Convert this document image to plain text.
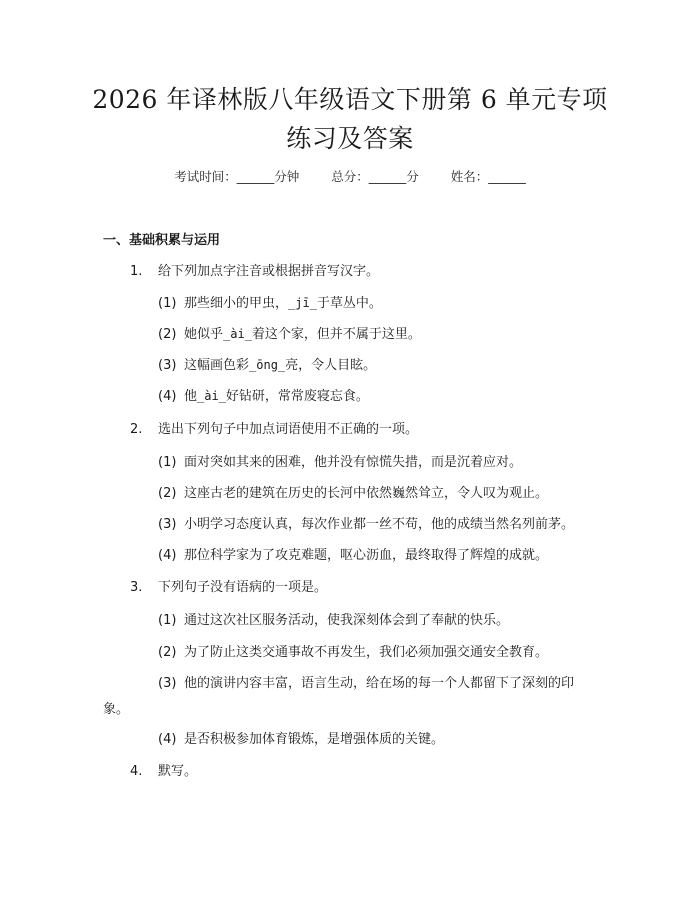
2026 年译林版八年级语文下册第 6 单元专项
练习及答案
考试时间：______分钟	总分：______分	姓名：______
一、基础积累与运用
1. 给下列加点字注音或根据拼音写汉字。
(1) 那些细小的甲虫，_jī_于草丛中。
(2) 她似乎_ài_着这个家，但并不属于这里。
(3) 这幅画色彩_ōng_亮，令人目眩。
(4) 他_ài_好钻研，常常废寝忘食。
2. 选出下列句子中加点词语使用不正确的一项。
(1) 面对突如其来的困难，他并没有惊慌失措，而是沉着应对。
(2) 这座古老的建筑在历史的长河中依然巍然耸立，令人叹为观止。
(3) 小明学习态度认真，每次作业都一丝不苟，他的成绩当然名列前茅。
(4) 那位科学家为了攻克难题，呕心沥血，最终取得了辉煌的成就。
3. 下列句子没有语病的一项是。
(1) 通过这次社区服务活动，使我深刻体会到了奉献的快乐。
(2) 为了防止这类交通事故不再发生，我们必须加强交通安全教育。
(3) 他的演讲内容丰富，语言生动，给在场的每一个人都留下了深刻的印
象。
(4) 是否积极参加体育锻炼，是增强体质的关键。
4. 默写。
